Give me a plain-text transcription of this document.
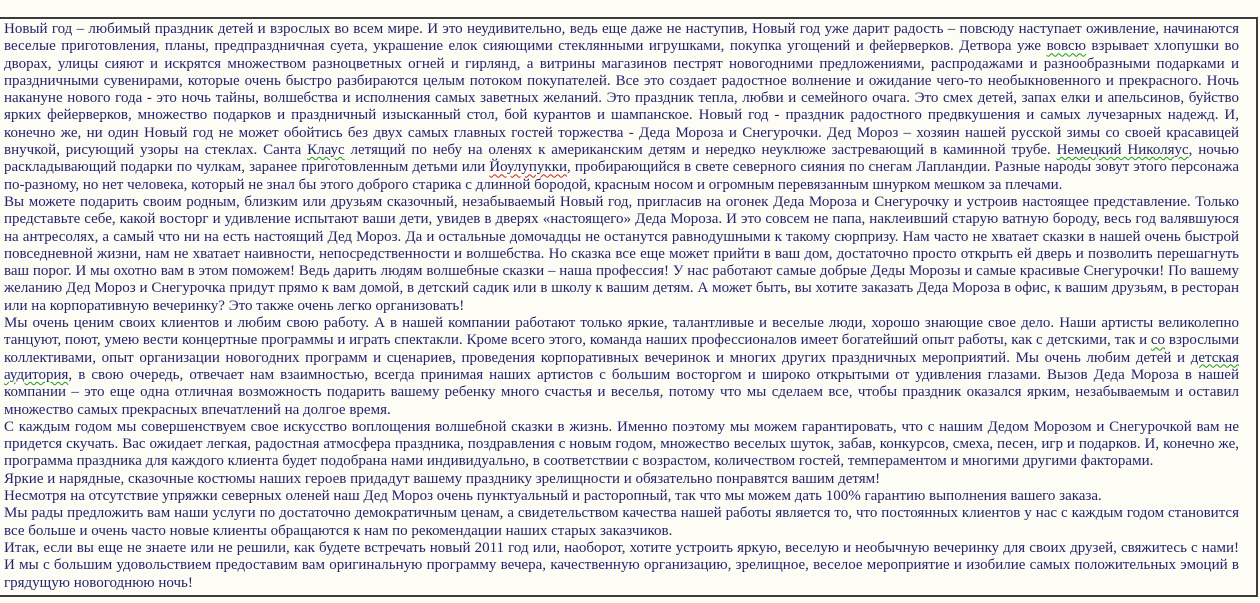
Новый год – любимый праздник детей и взрослых во всем мире. И это неудивительно, ведь еще даже не наступив, Новый год уже дарит радость – повсюду наступает оживление, начинаются веселые приготовления, планы, предпраздничная суета, украшение елок сияющими стеклянными игрушками, покупка угощений и фейерверков. Детвора уже вовсю взрывает хлопушки во дворах, улицы сияют и искрятся множеством разноцветных огней и гирлянд, а витрины магазинов пестрят новогодними предложениями, распродажами и разнообразными подарками и праздничными сувенирами, которые очень быстро разбираются целым потоком покупателей. Все это создает радостное волнение и ожидание чего-то необыкновенного и прекрасного. Ночь накануне нового года - это ночь тайны, волшебства и исполнения самых заветных желаний. Это праздник тепла, любви и семейного очага. Это смех детей, запах елки и апельсинов, буйство ярких фейерверков, множество подарков и праздничный изысканный стол, бой курантов и шампанское. Новый год - праздник радостного предвкушения и самых лучезарных надежд. И, конечно же, ни один Новый год не может обойтись без двух самых главных гостей торжества - Деда Мороза и Снегурочки. Дед Мороз – хозяин нашей русской зимы со своей красавицей внучкой, рисующий узоры на стеклах. Санта Клаус летящий по небу на оленях к американским детям и нередко неуклюже застревающий в каминной трубе. Немецкий Николяус, ночью раскладывающий подарки по чулкам, заранее приготовленным детьми или Йоулупукки, пробирающийся в свете северного сияния по снегам Лапландии. Разные народы зовут этого персонажа по-разному, но нет человека, который не знал бы этого доброго старика с длинной бородой, красным носом и огромным перевязанным шнурком мешком за плечами.

Вы можете подарить своим родным, близким или друзьям сказочный, незабываемый Новый год, пригласив на огонек Деда Мороза и Снегурочку и устроив настоящее представление. Только представьте себе, какой восторг и удивление испытают ваши дети, увидев в дверях «настоящего» Деда Мороза. И это совсем не папа, наклеивший старую ватную бороду, весь год валявшуюся на антресолях, а самый что ни на есть настоящий Дед Мороз. Да и остальные домочадцы не останутся равнодушными к такому сюрпризу. Нам часто не хватает сказки в нашей очень быстрой повседневной жизни, нам не хватает наивности, непосредственности и волшебства. Но сказка все еще может прийти в ваш дом, достаточно просто открыть ей дверь и позволить перешагнуть ваш порог. И мы охотно вам в этом поможем! Ведь дарить людям волшебные сказки – наша профессия! У нас работают самые добрые Деды Морозы и самые красивые Снегурочки! По вашему желанию Дед Мороз и Снегурочка придут прямо к вам домой, в детский садик или в школу к вашим детям. А может быть, вы хотите заказать Деда Мороза в офис, к вашим друзьям, в ресторан или на корпоративную вечеринку? Это также очень легко организовать!

Мы очень ценим своих клиентов и любим свою работу. А в нашей компании работают только яркие, талантливые и веселые люди, хорошо знающие свое дело. Наши артисты великолепно танцуют, поют, умею вести концертные программы и играть спектакли. Кроме всего этого, команда наших профессионалов имеет богатейший опыт работы, как с детскими, так и со взрослыми коллективами, опыт организации новогодних программ и сценариев, проведения корпоративных вечеринок и многих других праздничных мероприятий. Мы очень любим детей и детская аудитория, в свою очередь, отвечает нам взаимностью, всегда принимая наших артистов с большим восторгом и широко открытыми от удивления глазами. Вызов Деда Мороза в нашей компании – это еще одна отличная возможность подарить вашему ребенку много счастья и веселья, потому что мы сделаем все, чтобы праздник оказался ярким, незабываемым и оставил множество самых прекрасных впечатлений на долгое время.

С каждым годом мы совершенствуем свое искусство воплощения волшебной сказки в жизнь. Именно поэтому мы можем гарантировать, что с нашим Дедом Морозом и Снегурочкой вам не придется скучать. Вас ожидает легкая, радостная атмосфера праздника, поздравления с новым годом, множество веселых шуток, забав, конкурсов, смеха, песен, игр и подарков. И, конечно же, программа праздника для каждого клиента будет подобрана нами индивидуально, в соответствии с возрастом, количеством гостей, темпераментом и многими другими факторами.

Яркие и нарядные, сказочные костюмы наших героев придадут вашему празднику зрелищности и обязательно понравятся вашим детям!

Несмотря на отсутствие упряжки северных оленей наш Дед Мороз очень пунктуальный и расторопный, так что мы можем дать 100% гарантию выполнения вашего заказа.

Мы рады предложить вам наши услуги по достаточно демократичным ценам, а свидетельством качества нашей работы является то, что постоянных клиентов у нас с каждым годом становится все больше и очень часто новые клиенты обращаются к нам по рекомендации наших старых заказчиков.

Итак, если вы еще не знаете или не решили, как будете встречать новый 2011 год или, наоборот, хотите устроить яркую, веселую и необычную вечеринку для своих друзей, свяжитесь с нами! И мы с большим удовольствием предоставим вам оригинальную программу вечера, качественную организацию, зрелищное, веселое мероприятие и изобилие самых положительных эмоций в грядущую новогоднюю ночь!
